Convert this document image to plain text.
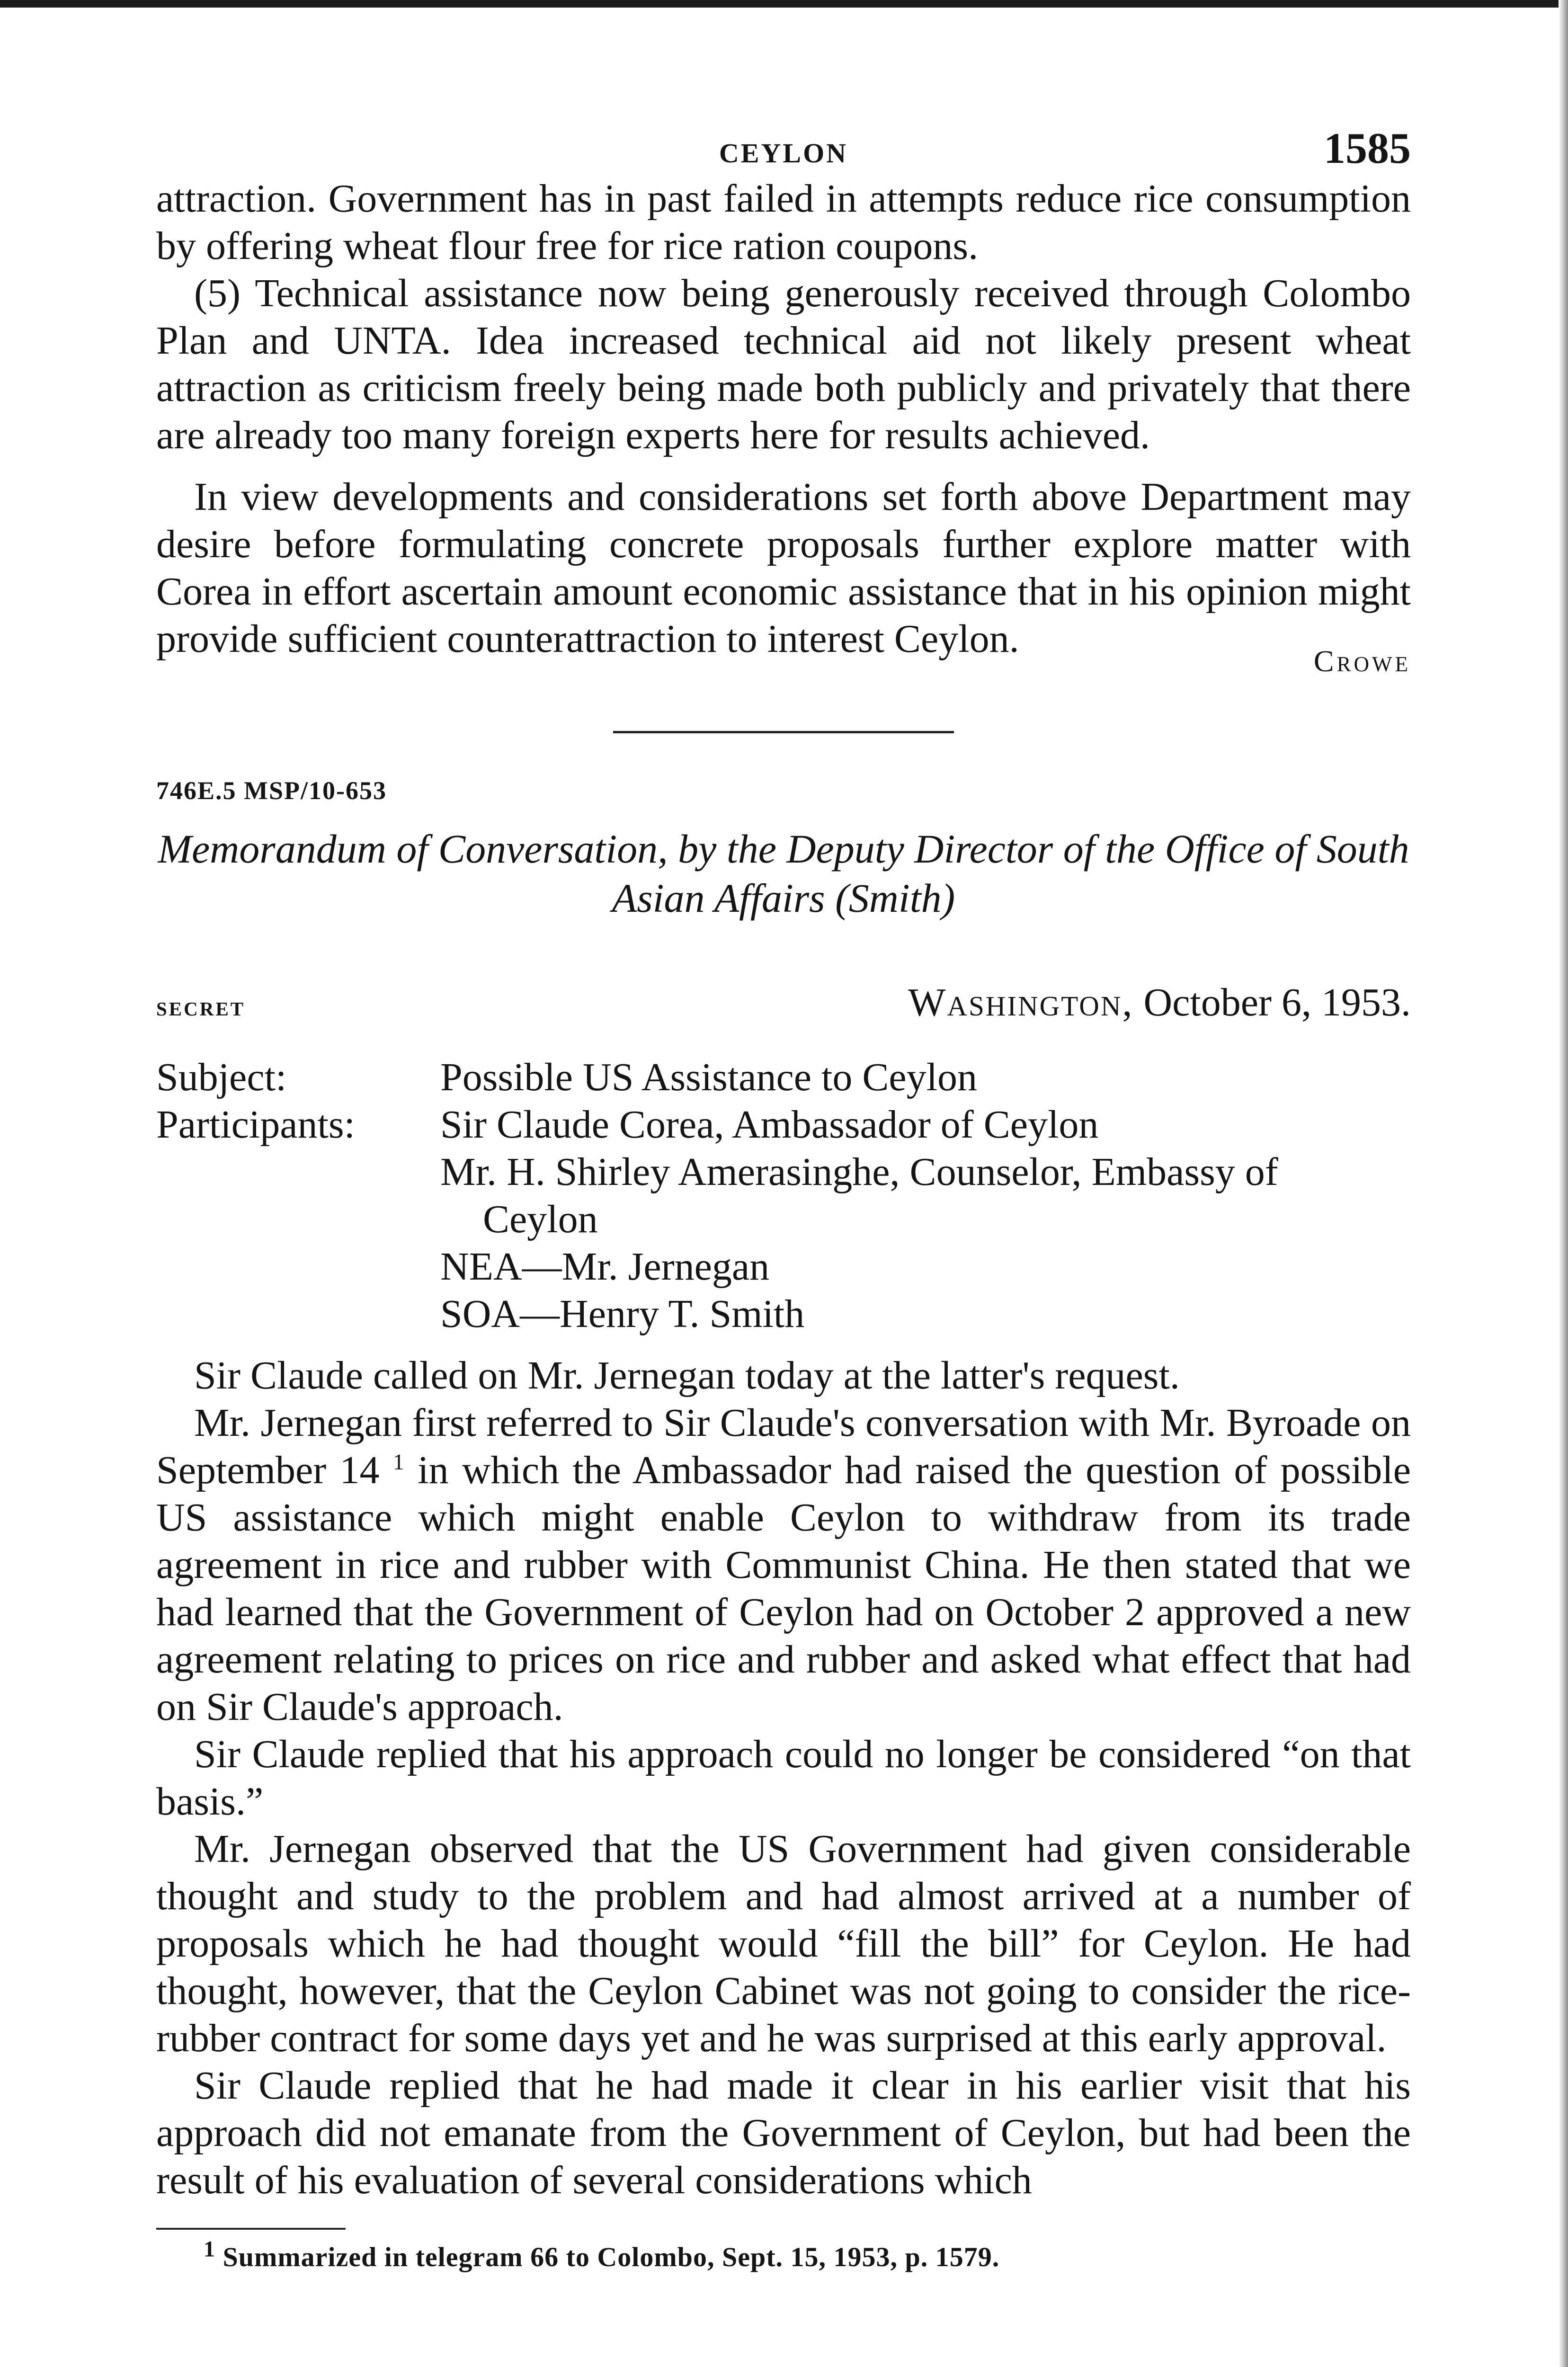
CEYLON	1585

attraction. Government has in past failed in attempts reduce rice consumption by offering wheat flour free for rice ration coupons.

(5) Technical assistance now being generously received through Colombo Plan and UNTA. Idea increased technical aid not likely present wheat attraction as criticism freely being made both publicly and privately that there are already too many foreign experts here for results achieved.

In view developments and considerations set forth above Department may desire before formulating concrete proposals further explore matter with Corea in effort ascertain amount economic assistance that in his opinion might provide sufficient counterattraction to interest Ceylon.

Crowe
746E.5 MSP/10-653
Memorandum of Conversation, by the Deputy Director of the Office of South Asian Affairs (Smith)
secret	Washington, October 6, 1953.
Subject:	Possible US Assistance to Ceylon
Participants:	Sir Claude Corea, Ambassador of Ceylon
Mr. H. Shirley Amerasinghe, Counselor, Embassy of
Ceylon
NEA—Mr. Jernegan
SOA—Henry T. Smith

Sir Claude called on Mr. Jernegan today at the latter's request.

Mr. Jernegan first referred to Sir Claude's conversation with Mr. Byroade on September 14 $^1$ in which the Ambassador had raised the question of possible US assistance which might enable Ceylon to withdraw from its trade agreement in rice and rubber with Communist China. He then stated that we had learned that the Government of Ceylon had on October 2 approved a new agreement relating to prices on rice and rubber and asked what effect that had on Sir Claude's approach.

Sir Claude replied that his approach could no longer be considered “on that basis.”

Mr. Jernegan observed that the US Government had given considerable thought and study to the problem and had almost arrived at a number of proposals which he had thought would “fill the bill” for Ceylon. He had thought, however, that the Ceylon Cabinet was not going to consider the rice-rubber contract for some days yet and he was surprised at this early approval.

Sir Claude replied that he had made it clear in his earlier visit that his approach did not emanate from the Government of Ceylon, but had been the result of his evaluation of several considerations which

$^1$ Summarized in telegram 66 to Colombo, Sept. 15, 1953, p. 1579.
